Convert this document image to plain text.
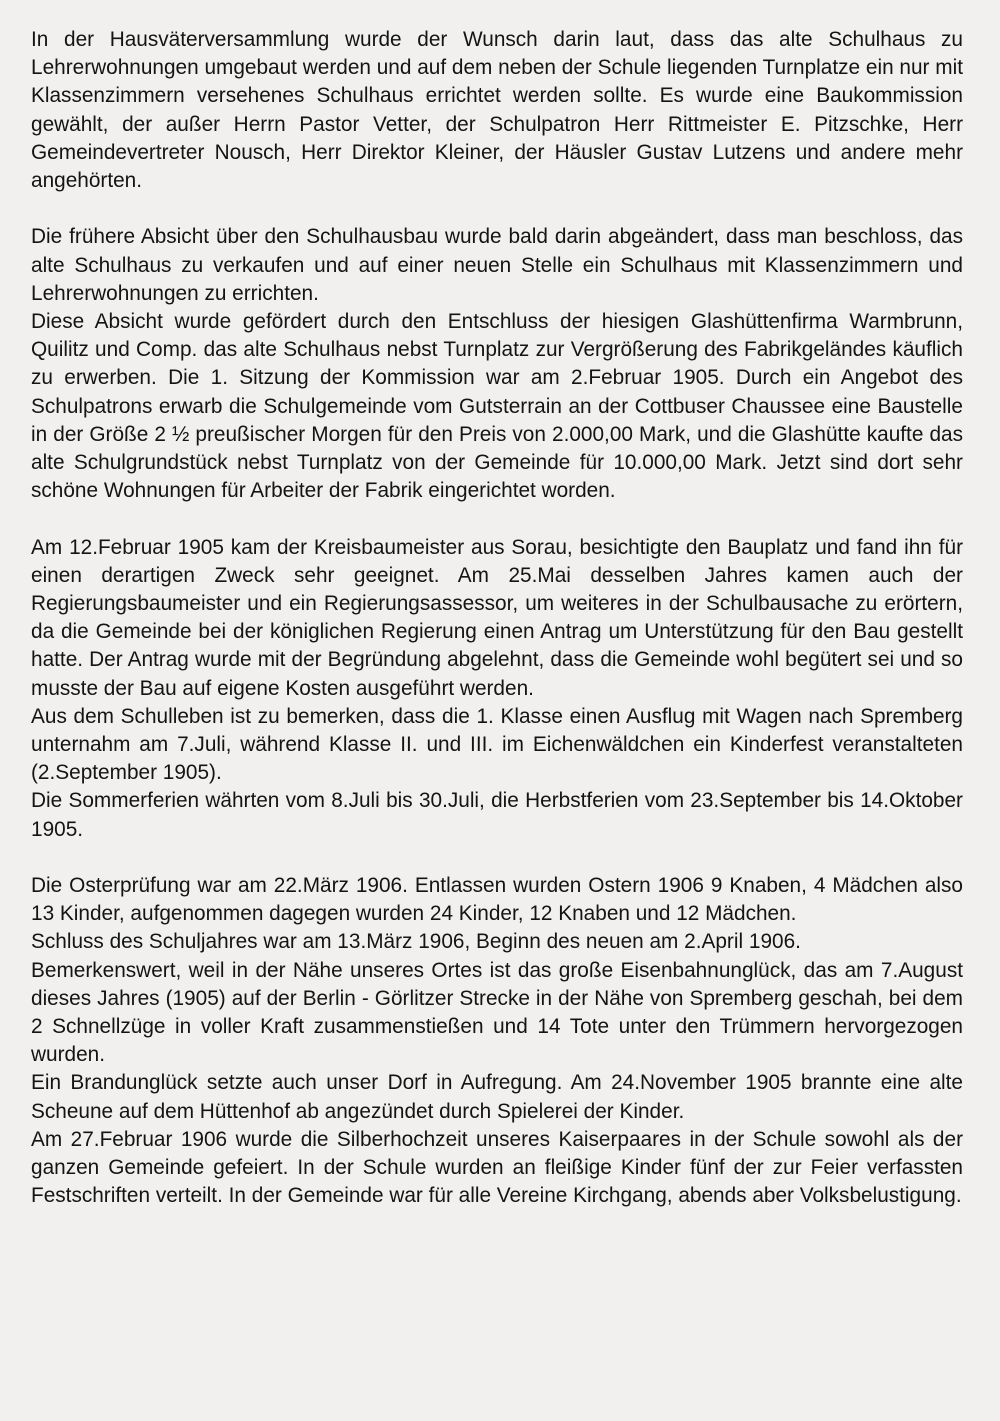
In der Hausväterversammlung wurde der Wunsch darin laut, dass das alte Schulhaus zu Lehrerwohnungen umgebaut werden und auf dem neben der Schule liegenden Turnplatze ein nur mit Klassenzimmern versehenes Schulhaus errichtet werden sollte. Es wurde eine Baukommission gewählt, der außer Herrn Pastor Vetter, der Schulpatron Herr Rittmeister E. Pitzschke, Herr Gemeindevertreter Nousch, Herr Direktor Kleiner, der Häusler Gustav Lutzens und andere mehr angehörten.

Die frühere Absicht über den Schulhausbau wurde bald darin abgeändert, dass man beschloss, das alte Schulhaus zu verkaufen und auf einer neuen Stelle ein Schulhaus mit Klassenzimmern und Lehrerwohnungen zu errichten.

Diese Absicht wurde gefördert durch den Entschluss der hiesigen Glashüttenfirma Warmbrunn, Quilitz und Comp. das alte Schulhaus nebst Turnplatz zur Vergrößerung des Fabrikgeländes käuflich zu erwerben. Die 1. Sitzung der Kommission war am 2.Februar 1905. Durch ein Angebot des Schulpatrons erwarb die Schulgemeinde vom Gutsterrain an der Cottbuser Chaussee eine Baustelle in der Größe 2 ½ preußischer Morgen für den Preis von 2.000,00 Mark, und die Glashütte kaufte das alte Schulgrundstück nebst Turnplatz von der Gemeinde für 10.000,00 Mark. Jetzt sind dort sehr schöne Wohnungen für Arbeiter der Fabrik eingerichtet worden.

Am 12.Februar 1905 kam der Kreisbaumeister aus Sorau, besichtigte den Bauplatz und fand ihn für einen derartigen Zweck sehr geeignet. Am 25.Mai desselben Jahres kamen auch der Regierungsbaumeister und ein Regierungsassessor, um weiteres in der Schulbausache zu erörtern, da die Gemeinde bei der königlichen Regierung einen Antrag um Unterstützung für den Bau gestellt hatte. Der Antrag wurde mit der Begründung abgelehnt, dass die Gemeinde wohl begütert sei und so musste der Bau auf eigene Kosten ausgeführt werden.

Aus dem Schulleben ist zu bemerken, dass die 1. Klasse einen Ausflug mit Wagen nach Spremberg unternahm am 7.Juli, während Klasse II. und III. im Eichenwäldchen ein Kinderfest veranstalteten (2.September 1905).

Die Sommerferien währten vom 8.Juli bis 30.Juli, die Herbstferien vom 23.September bis 14.Oktober 1905.

Die Osterprüfung war am 22.März 1906. Entlassen wurden Ostern 1906 9 Knaben, 4 Mädchen also 13 Kinder, aufgenommen dagegen wurden 24 Kinder, 12 Knaben und 12 Mädchen.

Schluss des Schuljahres war am 13.März 1906, Beginn des neuen am 2.April 1906.

Bemerkenswert, weil in der Nähe unseres Ortes ist das große Eisenbahnunglück, das am 7.August dieses Jahres (1905) auf der Berlin - Görlitzer Strecke in der Nähe von Spremberg geschah, bei dem 2 Schnellzüge in voller Kraft zusammenstießen und 14 Tote unter den Trümmern hervorgezogen wurden.

Ein Brandunglück setzte auch unser Dorf in Aufregung. Am 24.November 1905 brannte eine alte Scheune auf dem Hüttenhof ab angezündet durch Spielerei der Kinder.

Am 27.Februar 1906 wurde die Silberhochzeit unseres Kaiserpaares in der Schule sowohl als der ganzen Gemeinde gefeiert. In der Schule wurden an fleißige Kinder fünf der zur Feier verfassten Festschriften verteilt. In der Gemeinde war für alle Vereine Kirchgang, abends aber Volksbelustigung.
